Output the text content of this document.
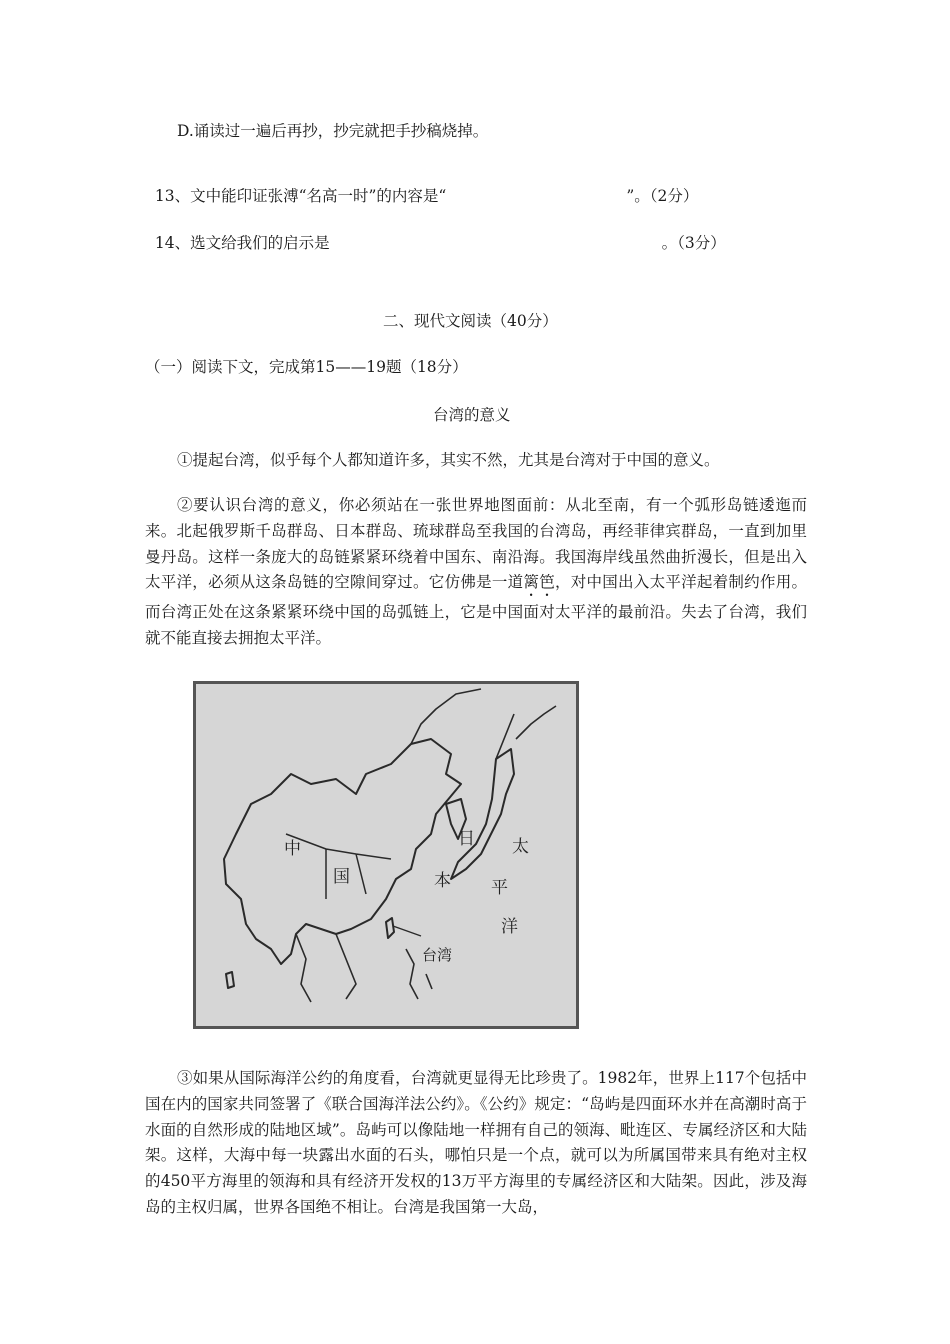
D.诵读过一遍后再抄，抄完就把手抄稿烧掉。

13、文中能印证张溥“名高一时”的内容是“	”。（2分）

14、选文给我们的启示是	。（3分）

二、现代文阅读（40分）
（一）阅读下文，完成第15——19题（18分）
台湾的意义
①提起台湾，似乎每个人都知道许多，其实不然，尤其是台湾对于中国的意义。
②要认识台湾的意义，你必须站在一张世界地图面前：从北至南，有一个弧形岛链逶迤而来。北起俄罗斯千岛群岛、日本群岛、琉球群岛至我国的台湾岛，再经菲律宾群岛，一直到加里曼丹岛。这样一条庞大的岛链紧紧环绕着中国东、南沿海。我国海岸线虽然曲折漫长，但是出入太平洋，必须从这条岛链的空隙间穿过。它仿佛是一道篱笆，对中国出入太平洋起着制约作用。而台湾正处在这条紧紧环绕中国的岛弧链上，它是中国面对太平洋的最前沿。失去了台湾，我们就不能直接去拥抱太平洋。
中
国
日
本
太
平
洋
台湾
③如果从国际海洋公约的角度看，台湾就更显得无比珍贵了。1982年，世界上117个包括中国在内的国家共同签署了《联合国海洋法公约》。《公约》规定：“岛屿是四面环水并在高潮时高于水面的自然形成的陆地区域”。岛屿可以像陆地一样拥有自己的领海、毗连区、专属经济区和大陆架。这样，大海中每一块露出水面的石头，哪怕只是一个点，就可以为所属国带来具有绝对主权的450平方海里的领海和具有经济开发权的13万平方海里的专属经济区和大陆架。因此，涉及海岛的主权归属，世界各国绝不相让。台湾是我国第一大岛，
